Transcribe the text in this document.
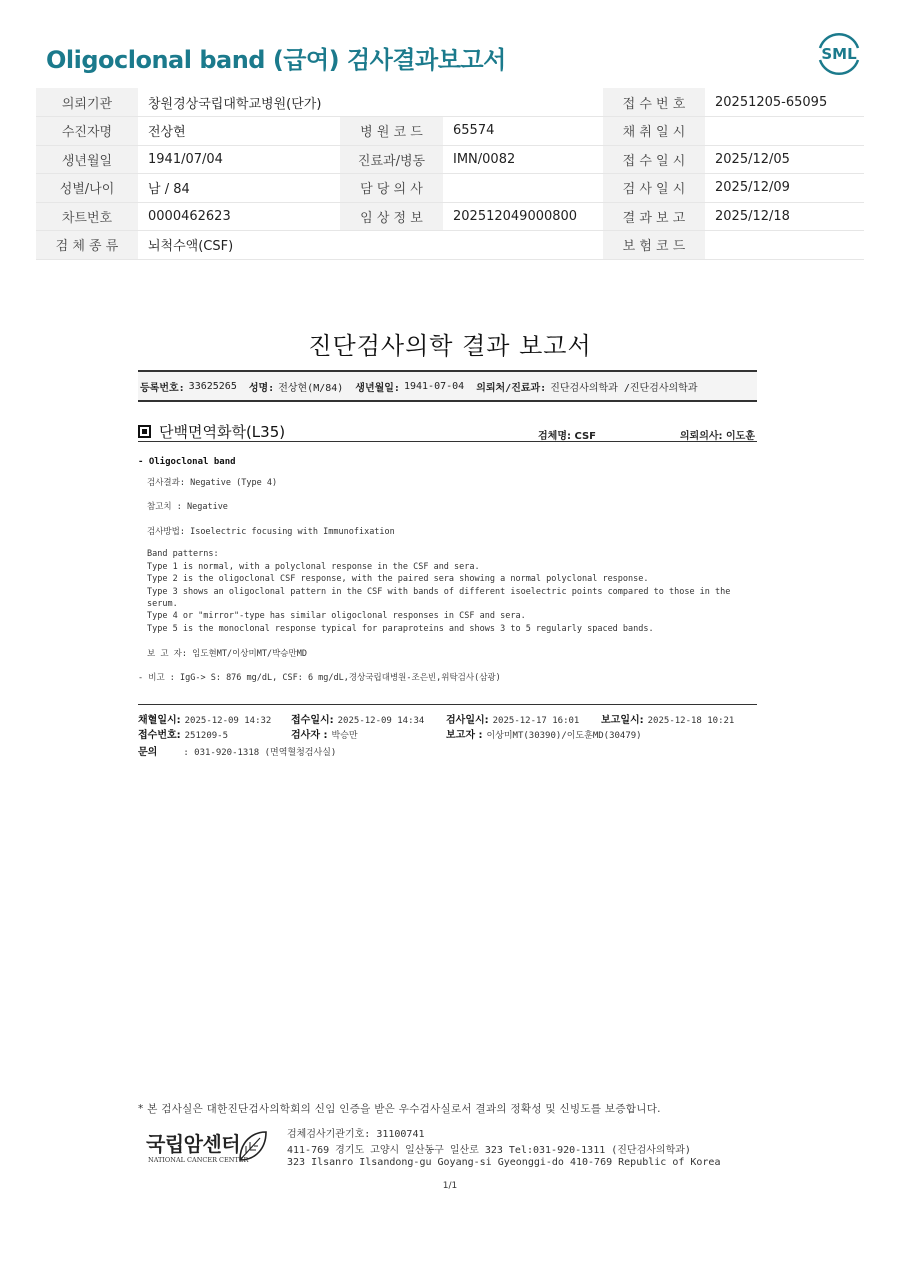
Oligoclonal band (급여) 검사결과보고서	SML
의뢰기관	창원경상국립대학교병원(단가)			접 수 번 호	20251205-65095
수진자명	전상현	병 원 코 드	65574	채 취 일 시	
생년월일	1941/07/04	진료과/병동	IMN/0082	접 수 일 시	2025/12/05
성별/나이	남 / 84	담 당 의 사		검 사 일 시	2025/12/09
차트번호	0000462623	임 상 정 보	202512049000800	결 과 보 고	2025/12/18
검 체 종 류	뇌척수액(CSF)			보 험 코 드	
진단검사의학 결과 보고서
등록번호: 33625265 성명: 전상현(M/84) 생년월일: 1941-07-04 의뢰처/진료과: 진단검사의학과 /진단검사의학과
단백면역화학(L35)	검체명: CSF	의뢰의사: 이도훈
- Oligoclonal band
검사결과: Negative (Type 4)
참고치 : Negative
검사방법: Isoelectric focusing with Immunofixation
Band patterns:
Type 1 is normal, with a polyclonal response in the CSF and sera.
Type 2 is the oligoclonal CSF response, with the paired sera showing a normal polyclonal response.
Type 3 shows an oligoclonal pattern in the CSF with bands of different isoelectric points compared to those in the
serum.
Type 4 or "mirror"-type has similar oligoclonal responses in CSF and sera.
Type 5 is the monoclonal response typical for paraproteins and shows 3 to 5 regularly spaced bands.
보 고 자: 임도현MT/이상미MT/박승만MD
- 비고 : IgG-> S: 876 mg/dL, CSF: 6 mg/dL,경상국립대병원-조은빈,위탁검사(삼광)
채혈일시: 2025-12-09 14:32 접수일시: 2025-12-09 14:34 검사일시: 2025-12-17 16:01 보고일시: 2025-12-18 10:21
접수번호: 251209-5	검사자 : 박승만	보고자 : 이상미MT(30390)/이도훈MD(30479)
문의	: 031-920-1318 (면역혈청검사실)
* 본 검사실은 대한진단검사의학회의 신임 인증을 받은 우수검사실로서 결과의 정확성 및 신빙도를 보증합니다.
국립암센터
NATIONAL CANCER CENTER
검체검사기관기호: 31100741
411-769 경기도 고양시 일산동구 일산로 323 Tel:031-920-1311 (진단검사의학과)
323 Ilsanro Ilsandong-gu Goyang-si Gyeonggi-do 410-769 Republic of Korea
1/1
